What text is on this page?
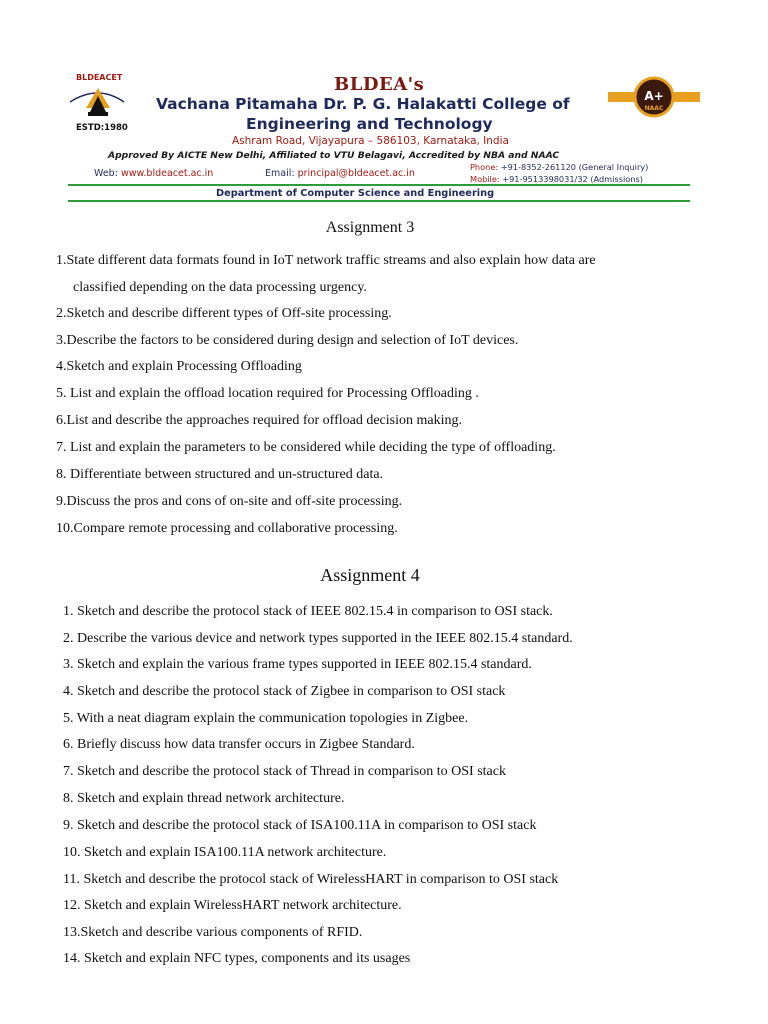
BLDEACET
ESTD:1980
BLDEA's
Vachana Pitamaha Dr. P. G. Halakatti College of
Engineering and Technology
Ashram Road, Vijayapura – 586103, Karnataka, India
Approved By AICTE New Delhi, Affiliated to VTU Belagavi, Accredited by NBA and NAAC
Web: www.bldeacet.ac.in	Email: principal@bldeacet.ac.in
Phone: +91-8352-261120 (General Inquiry)
Mobile: +91-9513398031/32 (Admissions)
A+
NAAC
Department of Computer Science and Engineering
Assignment 3
1.State different data formats found in IoT network traffic streams and also explain how data are
classified depending on the data processing urgency.
2.Sketch and describe different types of Off-site processing.
3.Describe the factors to be considered during design and selection of IoT devices.
4.Sketch and explain Processing Offloading
5. List and explain the offload location required for Processing Offloading .
6.List and describe the approaches required for offload decision making.
7. List and explain the parameters to be considered while deciding the type of offloading.
8. Differentiate between structured and un-structured data.
9.Discuss the pros and cons of on-site and off-site processing.
10.Compare remote processing and collaborative processing.
Assignment 4
1. Sketch and describe the protocol stack of IEEE 802.15.4 in comparison to OSI stack.
2. Describe the various device and network types supported in the IEEE 802.15.4 standard.
3. Sketch and explain the various frame types supported in IEEE 802.15.4 standard.
4. Sketch and describe the protocol stack of Zigbee in comparison to OSI stack
5. With a neat diagram explain the communication topologies in Zigbee.
6. Briefly discuss how data transfer occurs in Zigbee Standard.
7. Sketch and describe the protocol stack of Thread in comparison to OSI stack
8. Sketch and explain thread network architecture.
9. Sketch and describe the protocol stack of ISA100.11A in comparison to OSI stack
10. Sketch and explain ISA100.11A network architecture.
11. Sketch and describe the protocol stack of WirelessHART in comparison to OSI stack
12. Sketch and explain WirelessHART network architecture.
13.Sketch and describe various components of RFID.
14. Sketch and explain NFC types, components and its usages
